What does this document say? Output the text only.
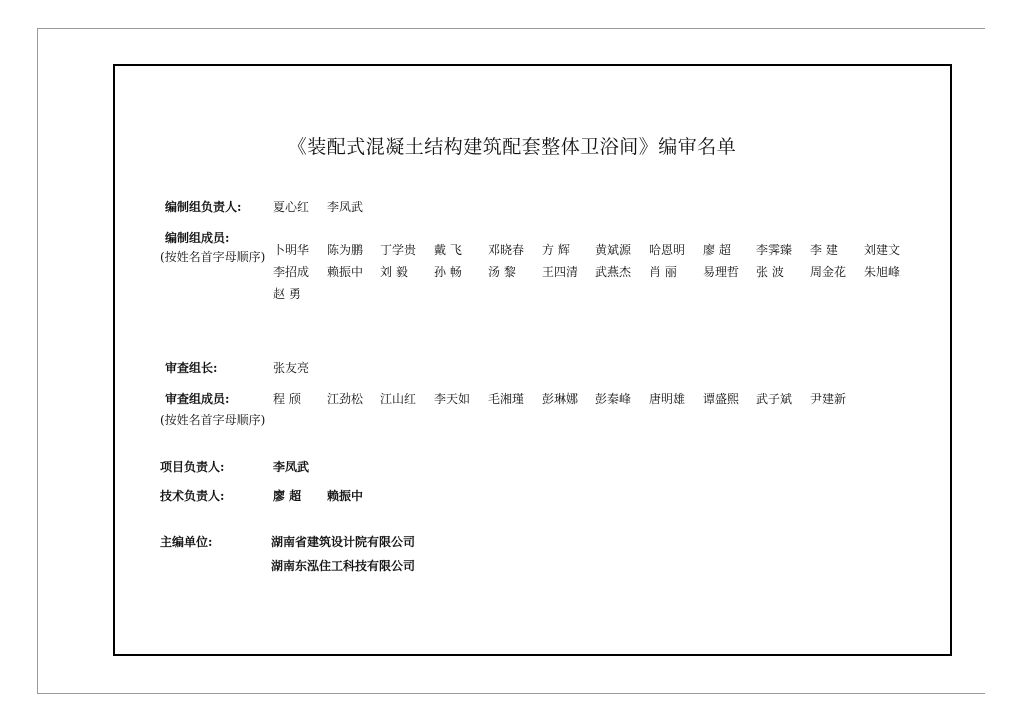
《装配式混凝土结构建筑配套整体卫浴间》编审名单
编制组负责人:	夏心红 李凤武
编制组成员:
(按姓名首字母顺序) 卜明华 陈为鹏 丁学贵 戴 飞 邓晓春 方 辉 黄斌源 哈恩明 廖 超 李霁臻 李 建 刘建文
李招成 赖振中 刘 毅 孙 畅 汤 黎 王四清 武燕杰 肖 丽 易理哲 张 波 周金花 朱旭峰
赵 勇
审查组长:	张友亮
审查组成员:
(按姓名首字母顺序)
程 颀 江劲松 江山红 李天如 毛湘瑾 彭琳娜 彭秦峰 唐明雄 谭盛熙 武子斌 尹建新
项目负责人:	李凤武
技术负责人:	廖 超 赖振中
主编单位:	湖南省建筑设计院有限公司
湖南东泓住工科技有限公司
